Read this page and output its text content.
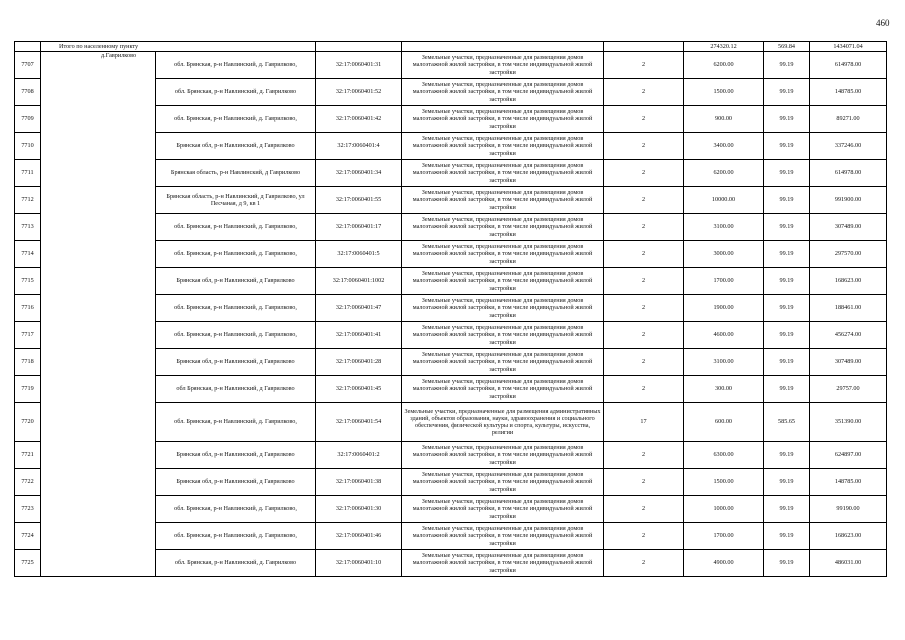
460
	Итого по населенному пункту					274320.12	569.84	1434071.04
7707	д.Гаврилково	обл. Брянская, р-н Навлинский, д. Гаврилково,	32:17:0060401:31	Земельные участки, предназначенные для размещения домов малоэтажной жилой застройки, в том числе индивидуальной жилой застройки	2	6200.00	99.19	614978.00
7708		обл. Брянская, р-н Навлинский, д. Гаврилково	32:17:0060401:52	Земельные участки, предназначенные для размещения домов малоэтажной жилой застройки, в том числе индивидуальной жилой застройки	2	1500.00	99.19	148785.00
7709		обл. Брянская, р-н Навлинский, д. Гаврилково,	32:17:0060401:42	Земельные участки, предназначенные для размещения домов малоэтажной жилой застройки, в том числе индивидуальной жилой застройки	2	900.00	99.19	89271.00
7710		Брянская обл, р-н Навлинский, д Гаврилково	32:17:0060401:4	Земельные участки, предназначенные для размещения домов малоэтажной жилой застройки, в том числе индивидуальной жилой застройки	2	3400.00	99.19	337246.00
7711		Брянская область, р-н Навлинский, д Гаврилково	32:17:0060401:34	Земельные участки, предназначенные для размещения домов малоэтажной жилой застройки, в том числе индивидуальной жилой застройки	2	6200.00	99.19	614978.00
7712		Брянская область, р-н Навлинский, д Гаврилково, ул Песчаная, д 9, кв 1	32:17:0060401:55	Земельные участки, предназначенные для размещения домов малоэтажной жилой застройки, в том числе индивидуальной жилой застройки	2	10000.00	99.19	991900.00
7713		обл. Брянская, р-н Навлинский, д. Гаврилково,	32:17:0060401:17	Земельные участки, предназначенные для размещения домов малоэтажной жилой застройки, в том числе индивидуальной жилой застройки	2	3100.00	99.19	307489.00
7714		обл. Брянская, р-н Навлинский, д. Гаврилково,	32:17:0060401:5	Земельные участки, предназначенные для размещения домов малоэтажной жилой застройки, в том числе индивидуальной жилой застройки	2	3000.00	99.19	297570.00
7715		Брянская обл, р-н Навлинский, д Гаврилково	32:17:0060401:1002	Земельные участки, предназначенные для размещения домов малоэтажной жилой застройки, в том числе индивидуальной жилой застройки	2	1700.00	99.19	168623.00
7716		обл. Брянская, р-н Навлинский, д. Гаврилково,	32:17:0060401:47	Земельные участки, предназначенные для размещения домов малоэтажной жилой застройки, в том числе индивидуальной жилой застройки	2	1900.00	99.19	188461.00
7717		обл. Брянская, р-н Навлинский, д. Гаврилково,	32:17:0060401:41	Земельные участки, предназначенные для размещения домов малоэтажной жилой застройки, в том числе индивидуальной жилой застройки	2	4600.00	99.19	456274.00
7718		Брянская обл, р-н Навлинский, д Гаврилково	32:17:0060401:28	Земельные участки, предназначенные для размещения домов малоэтажной жилой застройки, в том числе индивидуальной жилой застройки	2	3100.00	99.19	307489.00
7719		обл Брянская, р-н Навлинский, д Гаврилково	32:17:0060401:45	Земельные участки, предназначенные для размещения домов малоэтажной жилой застройки, в том числе индивидуальной жилой застройки	2	300.00	99.19	29757.00
7720		обл. Брянская, р-н Навлинский, д. Гаврилково,	32:17:0060401:54	Земельные участки, предназначенные для размещения административных зданий, объектов образования, науки, здравоохранения и социального обеспечения, физической культуры и спорта, культуры, искусства, религии	17	600.00	585.65	351390.00
7721		Брянская обл, р-н Навлинский, д Гаврилково	32:17:0060401:2	Земельные участки, предназначенные для размещения домов малоэтажной жилой застройки, в том числе индивидуальной жилой застройки	2	6300.00	99.19	624897.00
7722		Брянская обл, р-н Навлинский, д Гаврилково	32:17:0060401:38	Земельные участки, предназначенные для размещения домов малоэтажной жилой застройки, в том числе индивидуальной жилой застройки	2	1500.00	99.19	148785.00
7723		обл. Брянская, р-н Навлинский, д. Гаврилково,	32:17:0060401:30	Земельные участки, предназначенные для размещения домов малоэтажной жилой застройки, в том числе индивидуальной жилой застройки	2	1000.00	99.19	99190.00
7724		обл. Брянская, р-н Навлинский, д. Гаврилково,	32:17:0060401:46	Земельные участки, предназначенные для размещения домов малоэтажной жилой застройки, в том числе индивидуальной жилой застройки	2	1700.00	99.19	168623.00
7725		обл. Брянская, р-н Навлинский, д. Гаврилково	32:17:0060401:10	Земельные участки, предназначенные для размещения домов малоэтажной жилой застройки, в том числе индивидуальной жилой застройки	2	4900.00	99.19	486031.00
